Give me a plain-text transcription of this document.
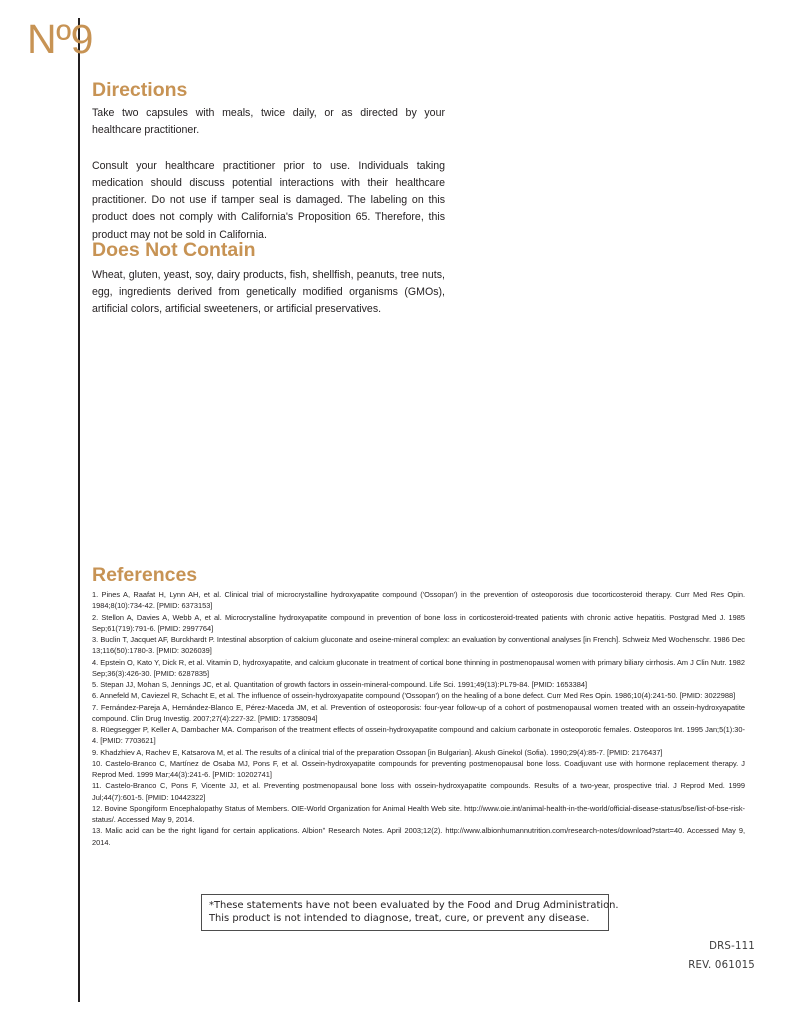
Nº9
Directions

Take two capsules with meals, twice daily, or as directed by your healthcare practitioner.

Consult your healthcare practitioner prior to use. Individuals taking medication should discuss potential interactions with their healthcare practitioner. Do not use if tamper seal is damaged. The labeling on this product does not comply with California's Proposition 65. Therefore, this product may not be sold in California.

Does Not Contain

Wheat, gluten, yeast, soy, dairy products, fish, shellfish, peanuts, tree nuts, egg, ingredients derived from genetically modified organisms (GMOs), artificial colors, artificial sweeteners, or artificial preservatives.

References

1. Pines A, Raafat H, Lynn AH, et al. Clinical trial of microcrystalline hydroxyapatite compound ('Ossopan') in the prevention of osteoporosis due tocorticosteroid therapy. Curr Med Res Opin. 1984;8(10):734-42. [PMID: 6373153]

2. Stellon A, Davies A, Webb A, et al. Microcrystalline hydroxyapatite compound in prevention of bone loss in corticosteroid-treated patients with chronic active hepatitis. Postgrad Med J. 1985 Sep;61(719):791-6. [PMID: 2997764]

3. Buclin T, Jacquet AF, Burckhardt P. Intestinal absorption of calcium gluconate and oseine-mineral complex: an evaluation by conventional analyses [in French]. Schweiz Med Wochenschr. 1986 Dec 13;116(50):1780-3. [PMID: 3026039]

4. Epstein O, Kato Y, Dick R, et al. Vitamin D, hydroxyapatite, and calcium gluconate in treatment of cortical bone thinning in postmenopausal women with primary biliary cirrhosis. Am J Clin Nutr. 1982 Sep;36(3):426-30. [PMID: 6287835]

5. Stepan JJ, Mohan S, Jennings JC, et al. Quantitation of growth factors in ossein-mineral-compound. Life Sci. 1991;49(13):PL79-84. [PMID: 1653384]

6. Annefeld M, Caviezel R, Schacht E, et al. The influence of ossein-hydroxyapatite compound ('Ossopan') on the healing of a bone defect. Curr Med Res Opin. 1986;10(4):241-50. [PMID: 3022988]

7. Fernández-Pareja A, Hernández-Blanco E, Pérez-Maceda JM, et al. Prevention of osteoporosis: four-year follow-up of a cohort of postmenopausal women treated with an ossein-hydroxyapatite compound. Clin Drug Investig. 2007;27(4):227-32. [PMID: 17358094]

8. Rüegsegger P, Keller A, Dambacher MA. Comparison of the treatment effects of ossein-hydroxyapatite compound and calcium carbonate in osteoporotic females. Osteoporos Int. 1995 Jan;5(1):30-4. [PMID: 7703621]

9. Khadzhiev A, Rachev E, Katsarova M, et al. The results of a clinical trial of the preparation Ossopan [in Bulgarian]. Akush Ginekol (Sofia). 1990;29(4):85-7. [PMID: 2176437]

10. Castelo-Branco C, Martínez de Osaba MJ, Pons F, et al. Ossein-hydroxyapatite compounds for preventing postmenopausal bone loss. Coadjuvant use with hormone replacement therapy. J Reprod Med. 1999 Mar;44(3):241-6. [PMID: 10202741]

11. Castelo-Branco C, Pons F, Vicente JJ, et al. Preventing postmenopausal bone loss with ossein-hydroxyapatite compounds. Results of a two-year, prospective trial. J Reprod Med. 1999 Jul;44(7):601-5. [PMID: 10442322]

12. Bovine Spongiform Encephalopathy Status of Members. OIE-World Organization for Animal Health Web site. http://www.oie.int/animal-health-in-the-world/official-disease-status/bse/list-of-bse-risk-status/. Accessed May 9, 2014.

13. Malic acid can be the right ligand for certain applications. Albionʺ Research Notes. April 2003;12(2). http://www.albionhumannutrition.com/research-notes/download?start=40. Accessed May 9, 2014.

*These statements have not been evaluated by the Food and Drug Administration.
This product is not intended to diagnose, treat, cure, or prevent any disease.
DRS-111
REV. 061015
